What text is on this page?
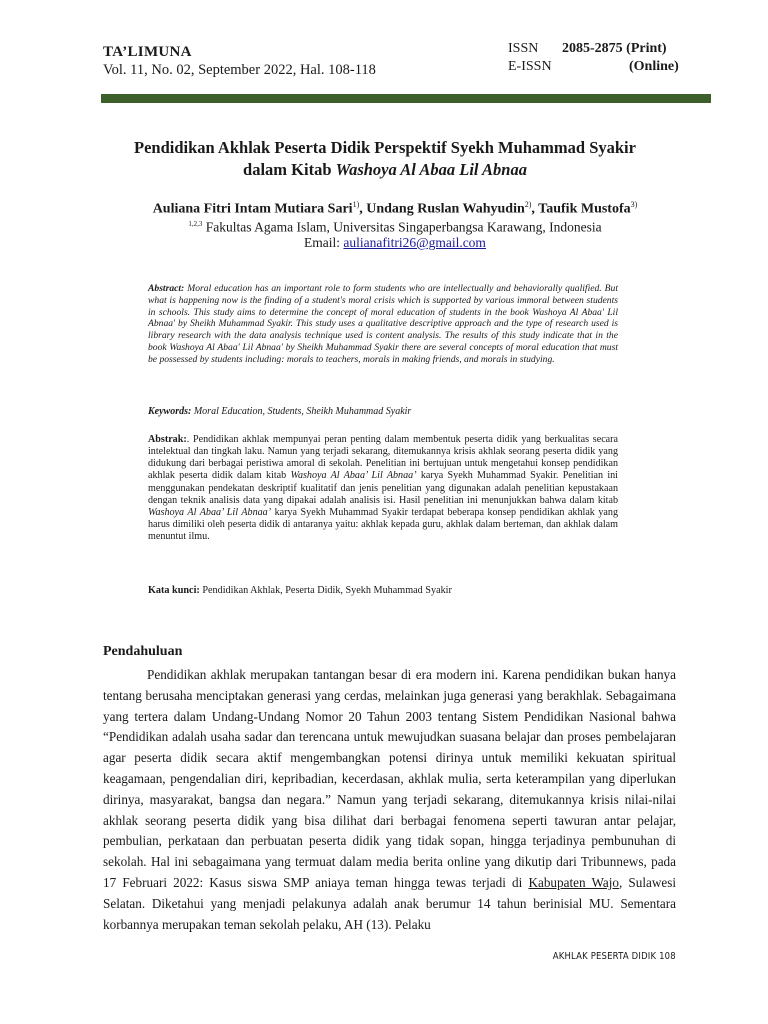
TA’LIMUNA
Vol. 11, No. 02, September 2022, Hal. 108-118
ISSN	2085-2875 (Print)
E-ISSN	(Online)
Pendidikan Akhlak Peserta Didik Perspektif Syekh Muhammad Syakir
dalam Kitab Washoya Al Abaa Lil Abnaa
Auliana Fitri Intam Mutiara Sari$^{1)}$, Undang Ruslan Wahyudin$^{2)}$, Taufik Mustofa$^{3)}$
$^{1,2,3}$ Fakultas Agama Islam, Universitas Singaperbangsa Karawang, Indonesia
Email: aulianafitri26@gmail.com
Abstract: Moral education has an important role to form students who are intellectually and behaviorally qualified. But what is happening now is the finding of a student's moral crisis which is supported by various immoral between students in schools. This study aims to determine the concept of moral education of students in the book Washoya Al Abaa' Lil Abnaa' by Sheikh Muhammad Syakir. This study uses a qualitative descriptive approach and the type of research used is library research with the data analysis technique used is content analysis. The results of this study indicate that in the book Washoya Al Abaa' Lil Abnaa' by Sheikh Muhammad Syakir there are several concepts of moral education that must be possessed by students including: morals to teachers, morals in making friends, and morals in studying.
Keywords: Moral Education, Students, Sheikh Muhammad Syakir
Abstrak:. Pendidikan akhlak mempunyai peran penting dalam membentuk peserta didik yang berkualitas secara intelektual dan tingkah laku. Namun yang terjadi sekarang, ditemukannya krisis akhlak seorang peserta didik yang didukung dari berbagai peristiwa amoral di sekolah. Penelitian ini bertujuan untuk mengetahui konsep pendidikan akhlak peserta didik dalam kitab Washoya Al Abaa’ Lil Abnaa’ karya Syekh Muhammad Syakir. Penelitian ini menggunakan pendekatan deskriptif kualitatif dan jenis penelitian yang digunakan adalah penelitian kepustakaan dengan teknik analisis data yang dipakai adalah analisis isi. Hasil penelitian ini menunjukkan bahwa dalam kitab Washoya Al Abaa’ Lil Abnaa’ karya Syekh Muhammad Syakir terdapat beberapa konsep pendidikan akhlak yang harus dimiliki oleh peserta didik di antaranya yaitu: akhlak kepada guru, akhlak dalam berteman, dan akhlak dalam menuntut ilmu.
Kata kunci: Pendidikan Akhlak, Peserta Didik, Syekh Muhammad Syakir
Pendahuluan
Pendidikan akhlak merupakan tantangan besar di era modern ini. Karena pendidikan bukan hanya tentang berusaha menciptakan generasi yang cerdas, melainkan juga generasi yang berakhlak. Sebagaimana yang tertera dalam Undang-Undang Nomor 20 Tahun 2003 tentang Sistem Pendidikan Nasional bahwa “Pendidikan adalah usaha sadar dan terencana untuk mewujudkan suasana belajar dan proses pembelajaran agar peserta didik secara aktif mengembangkan potensi dirinya untuk memiliki kekuatan spiritual keagamaan, pengendalian diri, kepribadian, kecerdasan, akhlak mulia, serta keterampilan yang diperlukan dirinya, masyarakat, bangsa dan negara.” Namun yang terjadi sekarang, ditemukannya krisis nilai-nilai akhlak seorang peserta didik yang bisa dilihat dari berbagai fenomena seperti tawuran antar pelajar, pembulian, perkataan dan perbuatan peserta didik yang tidak sopan, hingga terjadinya pembunuhan di sekolah. Hal ini sebagaimana yang termuat dalam media berita online yang dikutip dari Tribunnews, pada 17 Februari 2022: Kasus siswa SMP aniaya teman hingga tewas terjadi di Kabupaten Wajo, Sulawesi Selatan. Diketahui yang menjadi pelakunya adalah anak berumur 14 tahun berinisial MU. Sementara korbannya merupakan teman sekolah pelaku, AH (13). Pelaku
AKHLAK PESERTA DIDIK 108
